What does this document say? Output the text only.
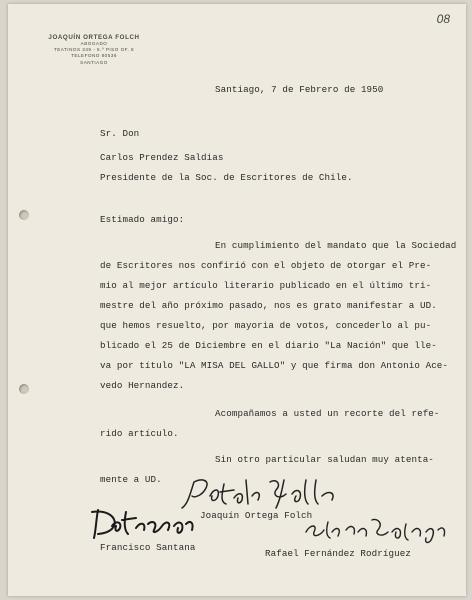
JOAQUÍN ORTEGA FOLCH
ABOGADO
TEATINOS 349 - 5.º PISO OF. 8
TELEFONO 80536
SANTIAGO
08
Santiago, 7 de Febrero de 1950
Sr. Don
Carlos Prendez Saldias
Presidente de la Soc. de Escritores de Chile.
Estimado amigo:
En cumplimiento del mandato que la Sociedad
de Escritores nos confirió con el objeto de otorgar el Pre-
mio al mejor artículo literario publicado en el último tri-
mestre del año próximo pasado, nos es grato manifestar a UD.
que hemos resuelto, por mayoria de votos, concederlo al pu-
blicado el 25 de Diciembre en el diario "La Nación" que lle-
va por título "LA MISA DEL GALLO" y que firma don Antonio Ace-
vedo Hernandez.
Acompañamos a usted un recorte del refe-
rido artículo.
Sin otro particular saludan muy atenta-
mente a UD.
Joaquín Ortega Folch
Francisco Santana
Rafael Fernández Rodríguez
